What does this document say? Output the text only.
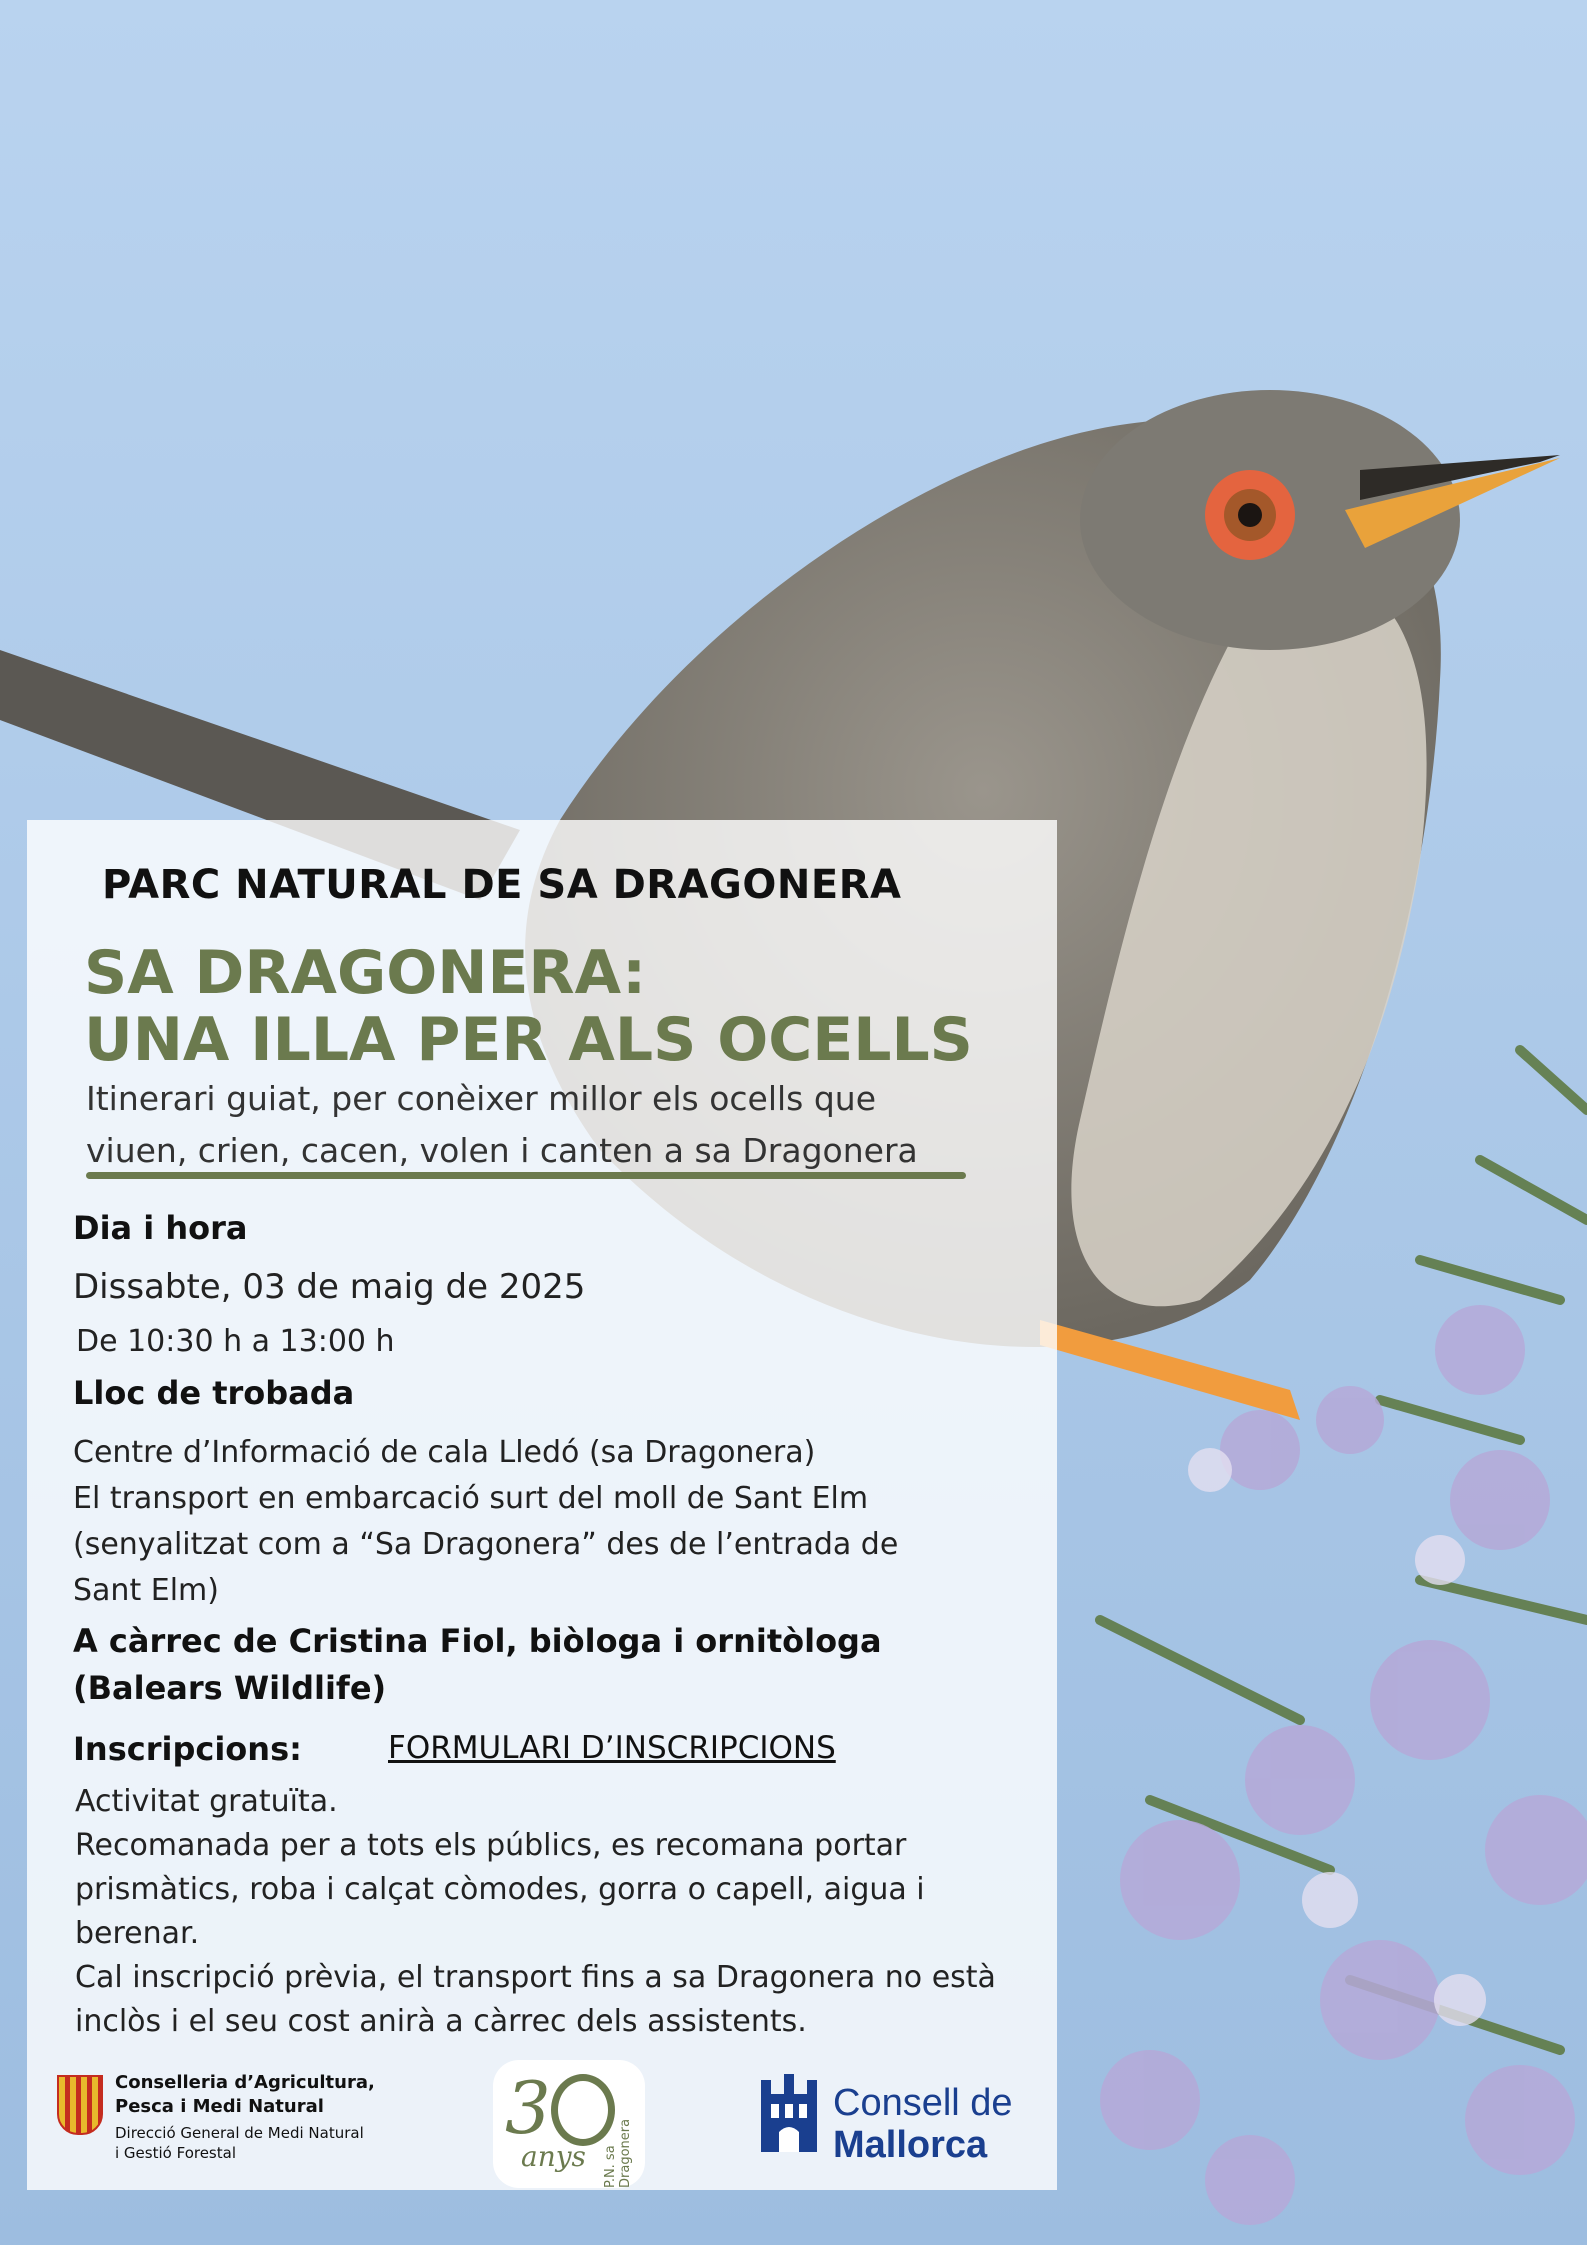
PARC NATURAL DE SA DRAGONERA
SA DRAGONERA:
UNA ILLA PER ALS OCELLS
Itinerari guiat, per conèixer millor els ocells que
viuen, crien, cacen, volen i canten a sa Dragonera
Dia i hora
Dissabte, 03 de maig de 2025
De 10:30 h a 13:00 h
Lloc de trobada
Centre d’Informació de cala Lledó (sa Dragonera)
El transport en embarcació surt del moll de Sant Elm
(senyalitzat com a “Sa Dragonera” des de l’entrada de
Sant Elm)
A càrrec de Cristina Fiol, biòloga i ornitòloga
(Balears Wildlife)
Inscripcions:	FORMULARI D’INSCRIPCIONS
Activitat gratuïta.
Recomanada per a tots els públics, es recomana portar
prismàtics, roba i calçat còmodes, gorra o capell, aigua i
berenar.
Cal inscripció prèvia, el transport fins a sa Dragonera no està
inclòs i el seu cost anirà a càrrec dels assistents.
Conselleria d’Agricultura,
Pesca i Medi Natural
Direcció General de Medi Natural
i Gestió Forestal
3
anys P.N. sa Dragonera
Consell de
Mallorca
